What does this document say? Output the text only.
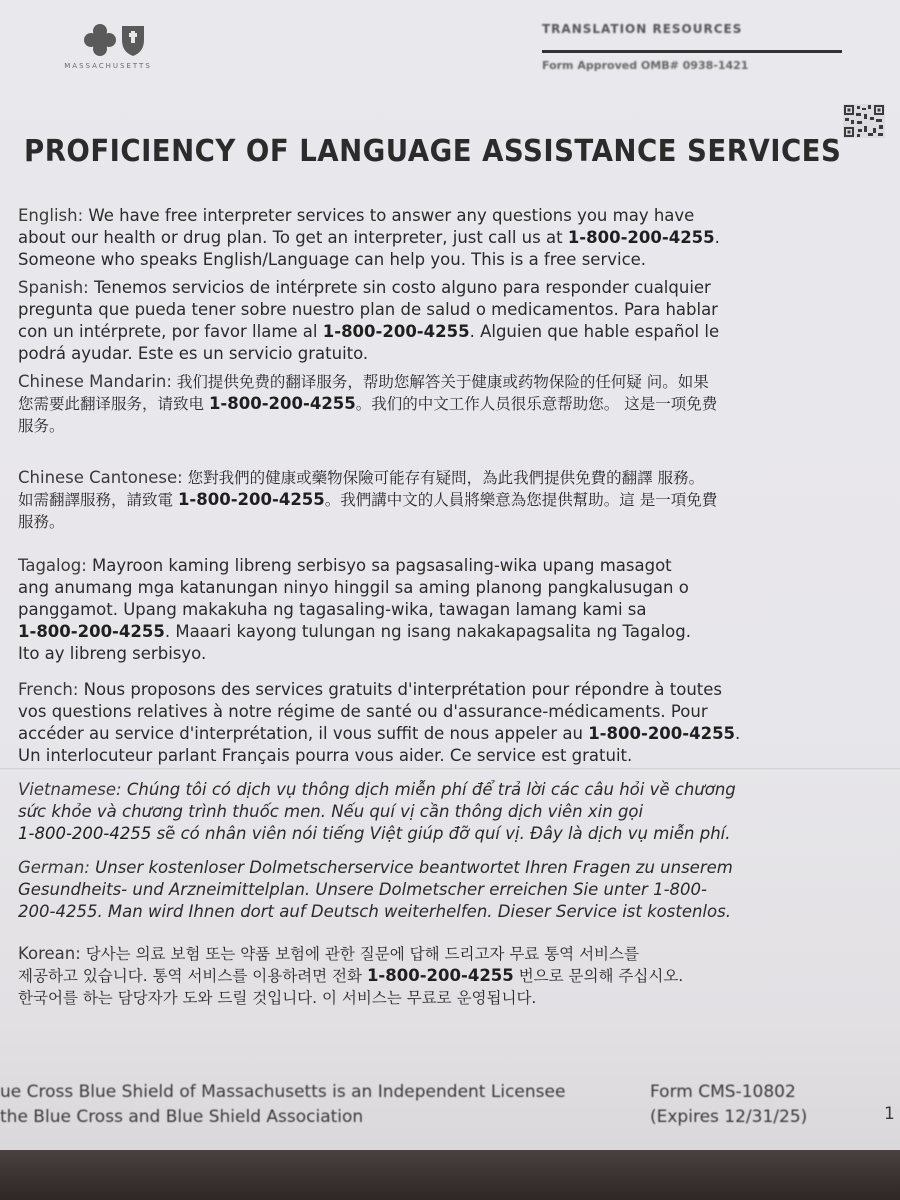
MASSACHUSETTS
TRANSLATION RESOURCES
Form Approved OMB# 0938-1421
PROFICIENCY OF LANGUAGE ASSISTANCE SERVICES
English: We have free interpreter services to answer any questions you may have
about our health or drug plan. To get an interpreter, just call us at 1-800-200-4255.
Someone who speaks English/Language can help you. This is a free service.
Spanish: Tenemos servicios de intérprete sin costo alguno para responder cualquier
pregunta que pueda tener sobre nuestro plan de salud o medicamentos. Para hablar
con un intérprete, por favor llame al 1-800-200-4255. Alguien que hable español le
podrá ayudar. Este es un servicio gratuito.
Chinese Mandarin: 我们提供免费的翻译服务，帮助您解答关于健康或药物保险的任何疑 问。如果
您需要此翻译服务，请致电 1-800-200-4255。我们的中文工作人员很乐意帮助您。 这是一项免费
服务。
Chinese Cantonese: 您對我們的健康或藥物保險可能存有疑問，為此我們提供免費的翻譯 服務。
如需翻譯服務，請致電 1-800-200-4255。我們講中文的人員將樂意為您提供幫助。這 是一項免費
服務。
Tagalog: Mayroon kaming libreng serbisyo sa pagsasaling-wika upang masagot
ang anumang mga katanungan ninyo hinggil sa aming planong pangkalusugan o
panggamot. Upang makakuha ng tagasaling-wika, tawagan lamang kami sa
1-800-200-4255. Maaari kayong tulungan ng isang nakakapagsalita ng Tagalog.
Ito ay libreng serbisyo.
French: Nous proposons des services gratuits d'interprétation pour répondre à toutes
vos questions relatives à notre régime de santé ou d'assurance-médicaments. Pour
accéder au service d'interprétation, il vous suffit de nous appeler au 1-800-200-4255.
Un interlocuteur parlant Français pourra vous aider. Ce service est gratuit.
Vietnamese: Chúng tôi có dịch vụ thông dịch miễn phí để trả lời các câu hỏi về chương
sức khỏe và chương trình thuốc men. Nếu quí vị cần thông dịch viên xin gọi
1-800-200-4255 sẽ có nhân viên nói tiếng Việt giúp đỡ quí vị. Đây là dịch vụ miễn phí.
German: Unser kostenloser Dolmetscherservice beantwortet Ihren Fragen zu unserem
Gesundheits- und Arzneimittelplan. Unsere Dolmetscher erreichen Sie unter 1-800-
200-4255. Man wird Ihnen dort auf Deutsch weiterhelfen. Dieser Service ist kostenlos.
Korean: 당사는 의료 보험 또는 약품 보험에 관한 질문에 답해 드리고자 무료 통역 서비스를
제공하고 있습니다. 통역 서비스를 이용하려면 전화 1-800-200-4255 번으로 문의해 주십시오.
한국어를 하는 담당자가 도와 드릴 것입니다. 이 서비스는 무료로 운영됩니다.
ue Cross Blue Shield of Massachusetts is an Independent Licensee
the Blue Cross and Blue Shield Association
Form CMS-10802
(Expires 12/31/25)	1
